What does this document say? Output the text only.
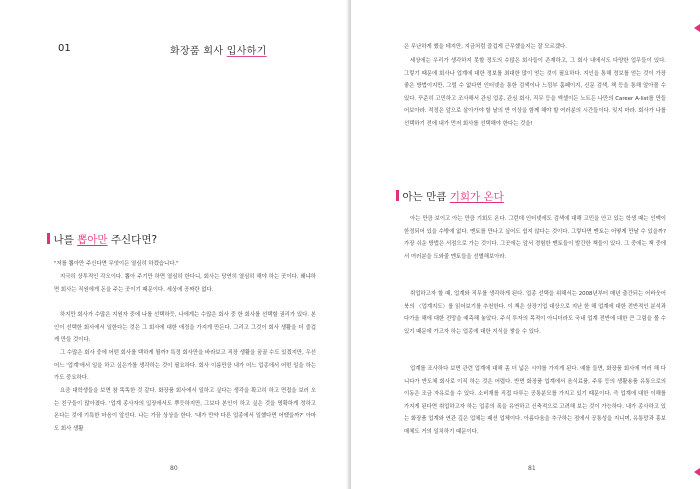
01	화장품 회사 입사하기
나를 뽑아만 주신다면?
"저를 뽑아만 주신다면 무엇이든 열심히 하겠습니다."
지극히 상투적인 각오이다. 뽑아 주기만 하면 열심히 한다니, 회사는 당연히 열심히 해야 하는 곳이다. 왜냐하면 회사는 직원에게 돈을 주는 곳이기 때문이다. 세상에 공짜란 없다.
하지만 회사가 수많은 지원자 중에 나를 선택하듯, 나에게는 수많은 회사 중 한 회사를 선택할 권리가 있다. 본인이 선택한 회사에서 일한다는 것은 그 회사에 대한 애정을 가지게 만든다. 그리고 그것이 회사 생활을 더 즐겁게 만들 것이다.
그 수많은 회사 중에 어떤 회사를 택하게 될까? 특정 회사만을 바라보고 직장 생활을 꿈꿀 수도 있겠지만, 우선 어느 '업계'에서 일을 하고 싶은가를 생각하는 것이 필요하다. 회사 이름만큼 내가 어느 업종에서 어떤 일을 하는가도 중요하다.
요즘 대학생들을 보면 참 똑똑한 것 같다. 화장품 회사에서 일하고 싶다는 생각을 확고히 하고 면접을 보러 오는 친구들이 많아졌다. '업계 종사자의 입장에서도 뿌듯하지만, 그보다 본인이 하고 싶은 것을 명확하게 정하고 온다는 것에 기특한 마음이 앞선다. 나는 가끔 상상을 한다. '내가 만약 다른 업종에서 일했다면 어땠을까?' 아마도 회사 생활
80
은 무난하게 했을 테지만, 지금처럼 즐겁게 근무했을지는 잘 모르겠다.
세상에는 우리가 생각하지 못할 정도의 수많은 회사들이 존재하고, 그 회사 내에서도 다양한 업무들이 있다. 그렇기 때문에 회사나 업계에 대한 정보를 최대한 많이 얻는 것이 필요하다. 지인을 통해 정보를 얻는 것이 가장 좋은 방법이지만, 그럴 수 없다면 인터넷을 통한 검색이나 느낌부 홈페이지, 신문 검색, 책 등을 통해 알아볼 수 있다. 꾸준히 고민하고 조사해서 관심 업종, 관심 회사, 직무 등을 엑셀이든 노트든 나만의 Career A-list를 만들어보아라. 적정은 앞으로 살아가야 할 날의 반 이상을 함께 해야 할 여러분의 시간들이다. 잊지 마라. 회사가 나를 선택하기 전에 내가 먼저 회사를 선택해야 한다는 것을!
아는 만큼 기회가 온다
아는 만큼 보이고 아는 만큼 기회도 온다. 그런데 인터넷에도 검색에 대해 고민을 안고 있는 학생 때는 인맥이 한정되어 있을 수밖에 없다. 멘토를 만나고 싶어도 쉽지 않다는 것이다. 그렇다면 멘토는 어떻게 만날 수 있을까? 가장 쉬운 방법은 서점으로 가는 것이다. 그곳에는 앞서 경험한 멘토들이 발간한 책들이 있다. 그 중에는 책 중에서 여러분을 도와줄 멘토들을 선별해보아라.
취업하고자 할 때, 업계와 직무를 생각하게 된다. 업종 선택을 위해서는 2008년부터 매년 출간되는 어바웃어북의 〈업계지도〉를 읽어보기를 추천한다. 이 책은 상장기업 대상으로 지난 한 해 업계에 대한 전반적인 분석과 다가올 해에 대한 전망을 예측해 놓았다. 주식 투자의 목적이 아니더라도 국내 업계 전반에 대한 큰 그림을 볼 수 있기 때문에 가고자 하는 업종에 대한 지식을 쌓을 수 있다.
업계를 조사하다 보면 관련 업계에 대해 좀 더 넓은 시야를 가지게 된다. 예를 들면, 화장품 회사에 여러 해 다니다가 반도체 회사로 이직 하는 것은 어렵다. 반면 화장품 업계에서 음식료품, 주류 등의 생활용품 유통으로의 이동은 조금 자유로울 수 있다. 소비재를 직접 다루는 공통분모를 가지고 있기 때문이다. 즉 업계에 대한 이해를 가지게 된다면 취업하고자 하는 업종의 폭을 유연하고 신축적으로 고려해 보는 것이 가능하다. 내가 종사하고 있는 화장품 업계와 연관 깊은 업체는 패션 업체이다. 아름다움을 추구하는 점에서 공통성을 지니며, 유통망과 홍보 매체도 거의 일치하기 때문이다.
81
